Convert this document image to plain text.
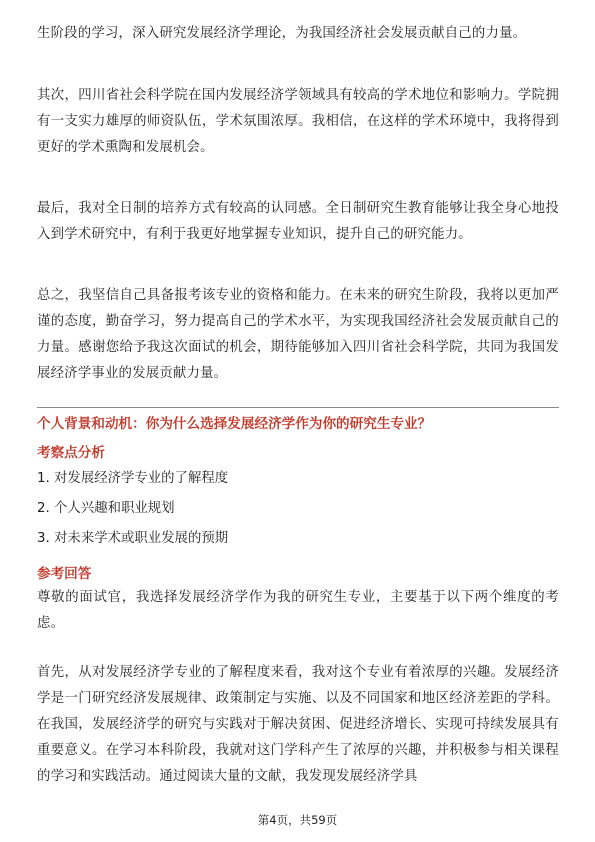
生阶段的学习，深入研究发展经济学理论，为我国经济社会发展贡献自己的力量。

其次，四川省社会科学院在国内发展经济学领域具有较高的学术地位和影响力。学院拥有一支实力雄厚的师资队伍，学术氛围浓厚。我相信，在这样的学术环境中，我将得到更好的学术熏陶和发展机会。

最后，我对全日制的培养方式有较高的认同感。全日制研究生教育能够让我全身心地投入到学术研究中，有利于我更好地掌握专业知识，提升自己的研究能力。

总之，我坚信自己具备报考该专业的资格和能力。在未来的研究生阶段，我将以更加严谨的态度，勤奋学习，努力提高自己的学术水平，为实现我国经济社会发展贡献自己的力量。感谢您给予我这次面试的机会，期待能够加入四川省社会科学院，共同为我国发展经济学事业的发展贡献力量。

个人背景和动机：你为什么选择发展经济学作为你的研究生专业？

考察点分析

1. 对发展经济学专业的了解程度

2. 个人兴趣和职业规划

3. 对未来学术或职业发展的预期

参考回答

尊敬的面试官，我选择发展经济学作为我的研究生专业，主要基于以下两个维度的考虑。

首先，从对发展经济学专业的了解程度来看，我对这个专业有着浓厚的兴趣。发展经济学是一门研究经济发展规律、政策制定与实施、以及不同国家和地区经济差距的学科。在我国，发展经济学的研究与实践对于解决贫困、促进经济增长、实现可持续发展具有重要意义。在学习本科阶段，我就对这门学科产生了浓厚的兴趣，并积极参与相关课程的学习和实践活动。通过阅读大量的文献，我发现发展经济学具

第4页，共59页
